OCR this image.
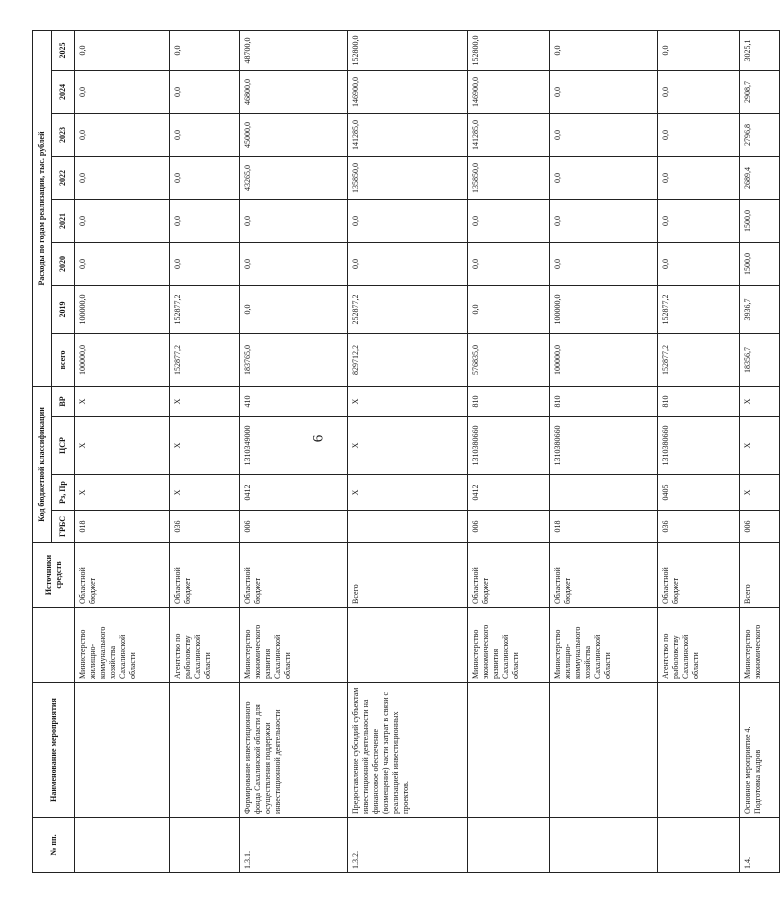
6
№ пп.	Наименование мероприятия		Источники средств	Код бюджетной классификации				Расходы по годам реализации, тыс. рублей							
				ГРБС	Рз, Пр	ЦСР	ВР	всего	2019	2020	2021	2022	2023	2024	2025
		Министерство жилищно-коммунального хозяйства Сахалинской области	Областной бюджет	018	X	X	X	100000,0	100000,0	0,0	0,0	0,0	0,0	0,0	0,0
		Агентство по рыболовству Сахалинской области	Областной бюджет	036	X	X	X	152877,2	152877,2	0,0	0,0	0,0	0,0	0,0	0,0
1.3.1.	Формирование инвестиционного фонда Сахалинской области для осуществления поддержки инвестиционной деятельности	Министерство экономического развития Сахалинской области	Областной бюджет	006	0412	1310349000	410	183765,0	0,0	0,0	0,0	43265,0	45000,0	46800,0	48700,0
1.3.2.	Предоставление субсидий субъектам инвестиционной деятельности на финансовое обеспечение (возмещение) части затрат в связи с реализацией инвестиционных проектов.		Всего		X	X	X	829712,2	252877,2	0,0	0,0	135850,0	141285,0	146900,0	152800,0
		Министерство экономического развития Сахалинской области	Областной бюджет	006	0412	1310380660	810	576835,0	0,0	0,0	0,0	135850,0	141285,0	146900,0	152800,0
		Министерство жилищно-коммунального хозяйства Сахалинской области	Областной бюджет	018		1310380660	810	100000,0	100000,0	0,0	0,0	0,0	0,0	0,0	0,0
		Агентство по рыболовству Сахалинской области	Областной бюджет	036	0405	1310380660	810	152877,2	152877,2	0,0	0,0	0,0	0,0	0,0	0,0
1.4.	Основное мероприятие 4. Подготовка кадров	Министерство экономического	Всего	006	X	X	X	18356,7	3936,7	1500,0	1500,0	2689,4	2796,8	2908,7	3025,1
